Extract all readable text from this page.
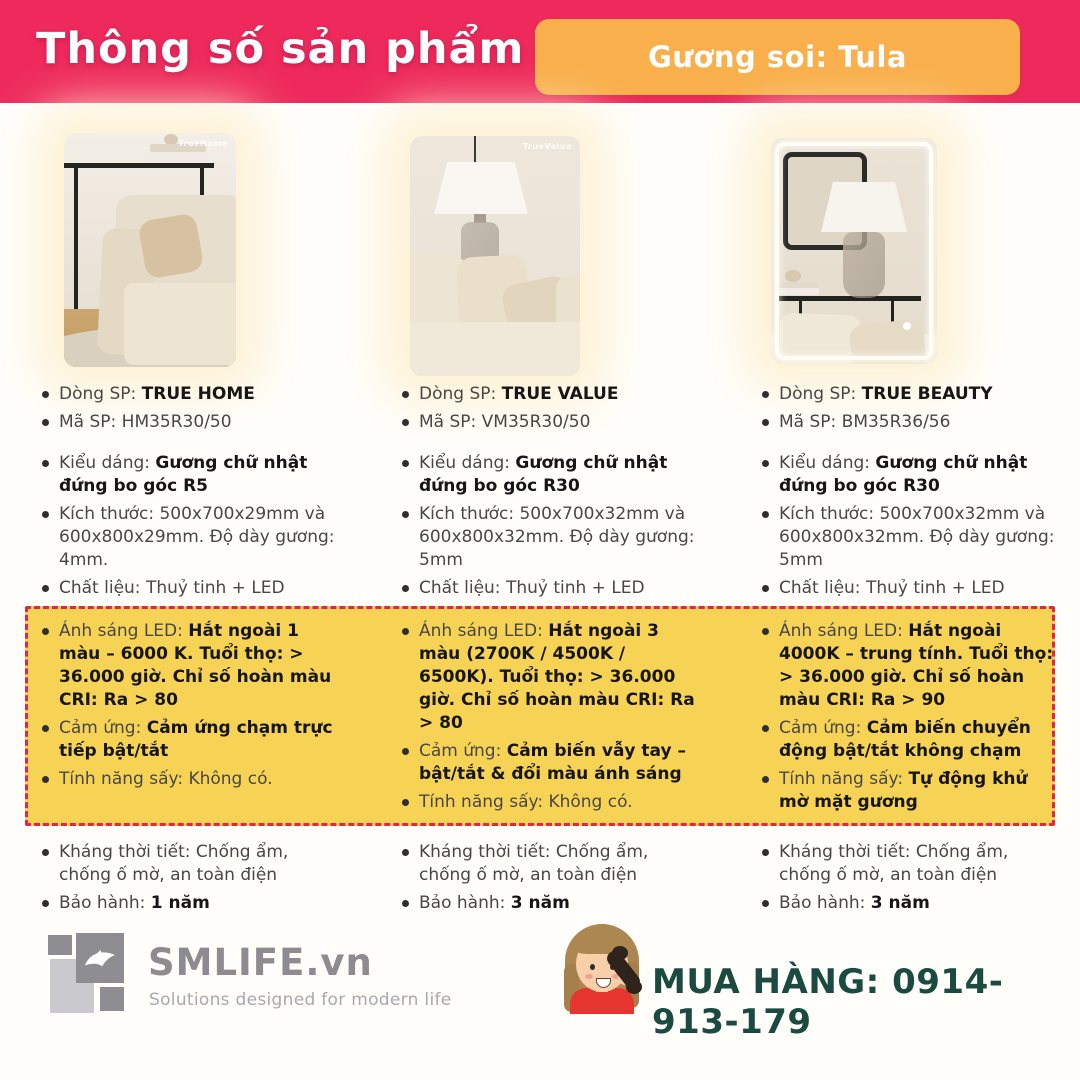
Thông số sản phẩm	Gương soi: Tula
TrueHome	TrueValue
Dòng SP: TRUE HOME
Mã SP: HM35R30/50
Kiểu dáng: Gương chữ nhật đứng bo góc R5
Kích thước: 500x700x29mm và 600x800x29mm. Độ dày gương: 4mm.
Chất liệu: Thuỷ tinh + LED
Ánh sáng LED: Hắt ngoài 1 màu – 6000 K. Tuổi thọ: > 36.000 giờ. Chỉ số hoàn màu CRI: Ra > 80
Cảm ứng: Cảm ứng chạm trực tiếp bật/tắt
Tính năng sấy: Không có.
Kháng thời tiết: Chống ẩm, chống ố mờ, an toàn điện
Bảo hành: 1 năm
Dòng SP: TRUE VALUE
Mã SP: VM35R30/50
Kiểu dáng: Gương chữ nhật đứng bo góc R30
Kích thước: 500x700x32mm và 600x800x32mm. Độ dày gương: 5mm
Chất liệu: Thuỷ tinh + LED
Ánh sáng LED: Hắt ngoài 3 màu (2700K / 4500K / 6500K). Tuổi thọ: > 36.000 giờ. Chỉ số hoàn màu CRI: Ra > 80
Cảm ứng: Cảm biến vẫy tay – bật/tắt & đổi màu ánh sáng
Tính năng sấy: Không có.
Kháng thời tiết: Chống ẩm, chống ố mờ, an toàn điện
Bảo hành: 3 năm
Dòng SP: TRUE BEAUTY
Mã SP: BM35R36/56
Kiểu dáng: Gương chữ nhật đứng bo góc R30
Kích thước: 500x700x32mm và 600x800x32mm. Độ dày gương: 5mm
Chất liệu: Thuỷ tinh + LED
Ánh sáng LED: Hắt ngoài 4000K – trung tính. Tuổi thọ: > 36.000 giờ. Chỉ số hoàn màu CRI: Ra > 90
Cảm ứng: Cảm biến chuyển động bật/tắt không chạm
Tính năng sấy: Tự động khử mờ mặt gương
Kháng thời tiết: Chống ẩm, chống ố mờ, an toàn điện
Bảo hành: 3 năm
SMLIFE.vn
Solutions designed for modern life	MUA HÀNG: 0914-913-179
